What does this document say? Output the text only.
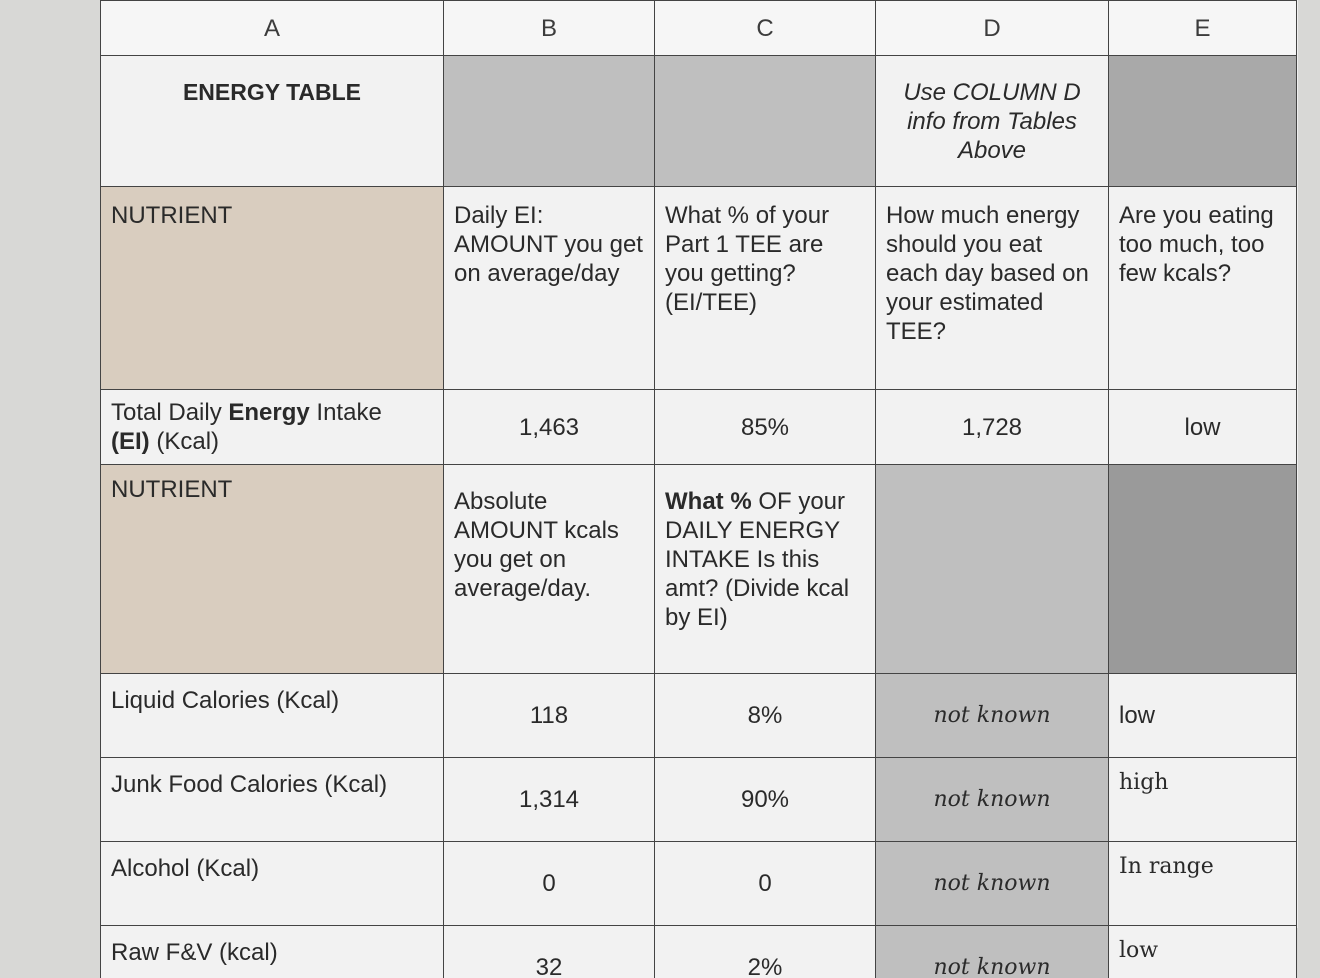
A	B	C	D	E

ENERGY TABLE			Use COLUMN D info from Tables Above	

NUTRIENT	Daily EI: AMOUNT you get on average/day	What % of your Part 1 TEE are you getting? (EI/TEE)	How much energy should you eat each day based on your estimated TEE?	Are you eating too much, too few kcals?
Total Daily Energy Intake
(EI) (Kcal)	1,463	85%	1,728	low
NUTRIENT	Absolute AMOUNT kcals you get on average/day.	What % OF your DAILY ENERGY INTAKE Is this amt? (Divide kcal by EI)		
Liquid Calories (Kcal)	118	8%	not known	low
Junk Food Calories (Kcal)	1,314	90%	not known	high
Alcohol (Kcal)	0	0	not known	In range
Raw F&V (kcal)	32	2%	not known	low
